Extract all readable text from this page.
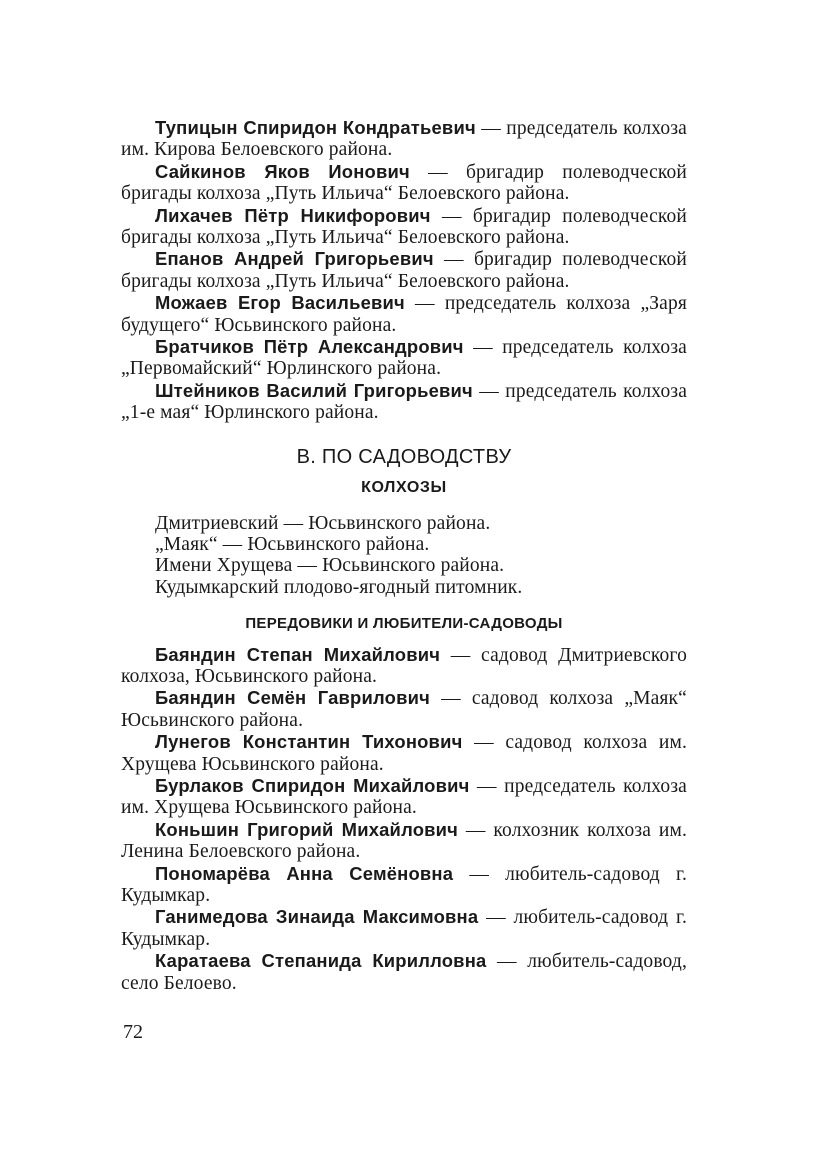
Тупицын Спиридон Кондратьевич — председатель колхоза им. Кирова Белоевского района.

Сайкинов Яков Ионович — бригадир полеводческой бригады колхоза „Путь Ильича“ Белоевского района.

Лихачев Пётр Никифорович — бригадир полеводческой бригады колхоза „Путь Ильича“ Белоевского района.

Епанов Андрей Григорьевич — бригадир полеводческой бригады колхоза „Путь Ильича“ Белоевского района.

Можаев Егор Васильевич — председатель колхоза „Заря будущего“ Юсьвинского района.

Братчиков Пётр Александрович — председатель колхоза „Первомайский“ Юрлинского района.

Штейников Василий Григорьевич — председатель колхоза „1-е мая“ Юрлинского района.

В. ПО САДОВОДСТВУ
КОЛХОЗЫ
Дмитриевский — Юсьвинского района.
„Маяк“ — Юсьвинского района.
Имени Хрущева — Юсьвинского района.
Кудымкарский плодово-ягодный питомник.
ПЕРЕДОВИКИ И ЛЮБИТЕЛИ-САДОВОДЫ

Баяндин Степан Михайлович — садовод Дмитриевского колхоза, Юсьвинского района.

Баяндин Семён Гаврилович — садовод колхоза „Маяк“ Юсьвинского района.

Лунегов Константин Тихонович — садовод колхоза им. Хрущева Юсьвинского района.

Бурлаков Спиридон Михайлович — председатель колхоза им. Хрущева Юсьвинского района.

Коньшин Григорий Михайлович — колхозник колхоза им. Ленина Белоевского района.

Пономарёва Анна Семёновна — любитель-садовод г. Кудымкар.

Ганимедова Зинаида Максимовна — любитель-садовод г. Кудымкар.

Каратаева Степанида Кирилловна — любитель-садовод, село Белоево.

72
